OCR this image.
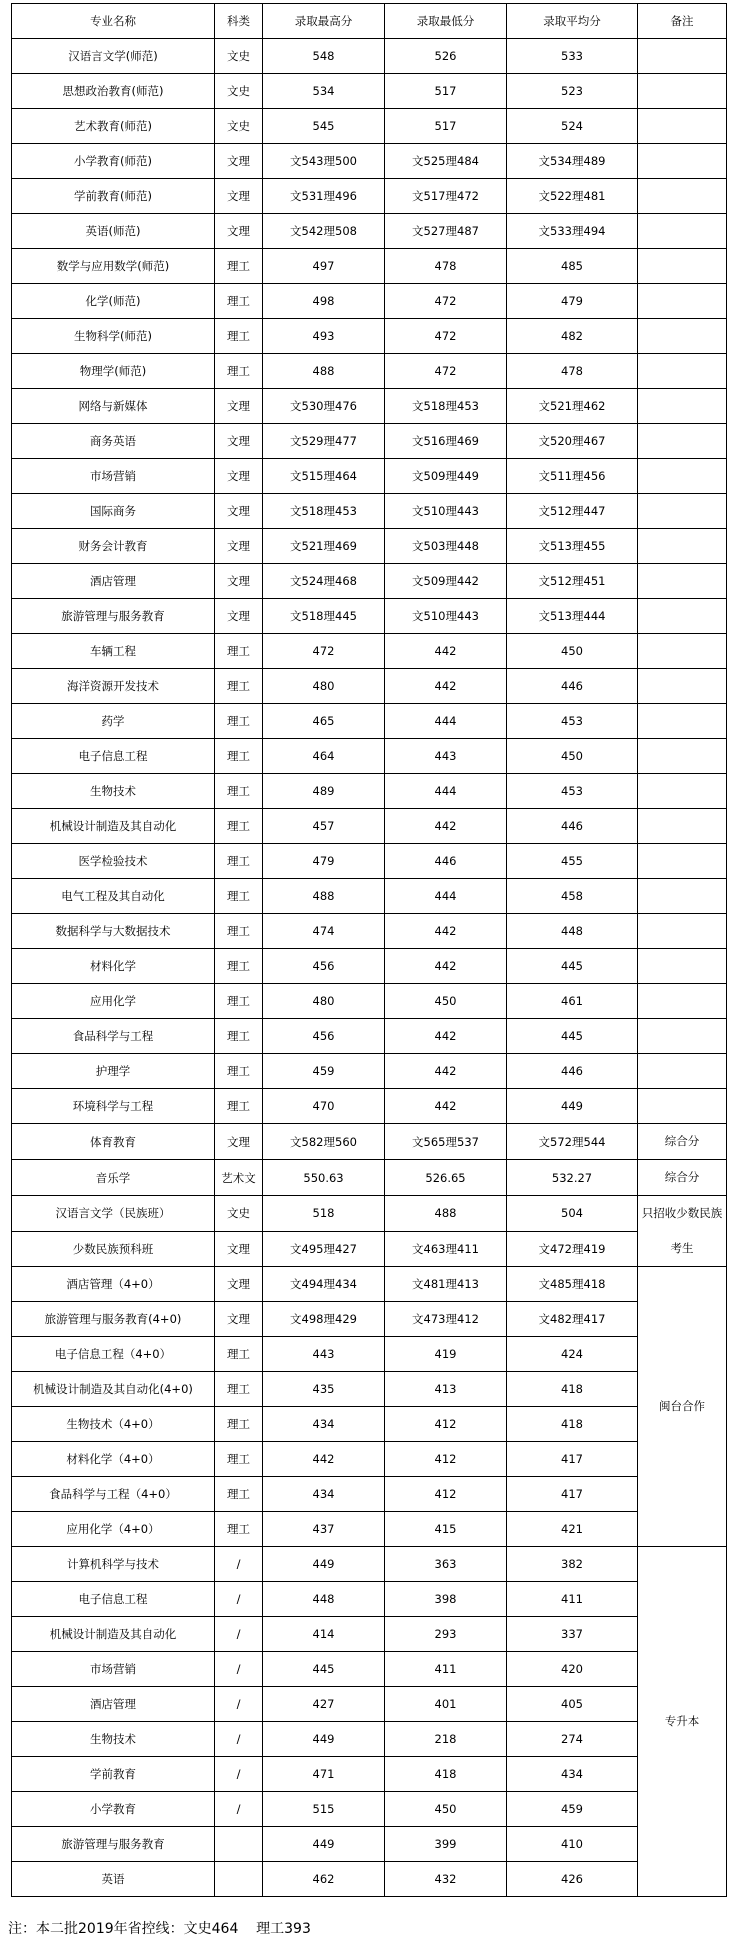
专业名称	科类	录取最高分	录取最低分	录取平均分	备注
汉语言文学(师范)	文史	548	526	533	
思想政治教育(师范)	文史	534	517	523	
艺术教育(师范)	文史	545	517	524	
小学教育(师范)	文理	文543理500	文525理484	文534理489	
学前教育(师范)	文理	文531理496	文517理472	文522理481	
英语(师范)	文理	文542理508	文527理487	文533理494	
数学与应用数学(师范)	理工	497	478	485	
化学(师范)	理工	498	472	479	
生物科学(师范)	理工	493	472	482	
物理学(师范)	理工	488	472	478	
网络与新媒体	文理	文530理476	文518理453	文521理462	
商务英语	文理	文529理477	文516理469	文520理467	
市场营销	文理	文515理464	文509理449	文511理456	
国际商务	文理	文518理453	文510理443	文512理447	
财务会计教育	文理	文521理469	文503理448	文513理455	
酒店管理	文理	文524理468	文509理442	文512理451	
旅游管理与服务教育	文理	文518理445	文510理443	文513理444	
车辆工程	理工	472	442	450	
海洋资源开发技术	理工	480	442	446	
药学	理工	465	444	453	
电子信息工程	理工	464	443	450	
生物技术	理工	489	444	453	
机械设计制造及其自动化	理工	457	442	446	
医学检验技术	理工	479	446	455	
电气工程及其自动化	理工	488	444	458	
数据科学与大数据技术	理工	474	442	448	
材料化学	理工	456	442	445	
应用化学	理工	480	450	461	
食品科学与工程	理工	456	442	445	
护理学	理工	459	442	446	
环境科学与工程	理工	470	442	449	
体育教育	文理	文582理560	文565理537	文572理544	综合分
音乐学	艺术文	550.63	526.65	532.27	综合分
汉语言文学（民族班）	文史	518	488	504	只招收少数民族考生
少数民族预科班	文理	文495理427	文463理411	文472理419	
酒店管理（4+0）	文理	文494理434	文481理413	文485理418	闽台合作
旅游管理与服务教育(4+0)	文理	文498理429	文473理412	文482理417	
电子信息工程（4+0）	理工	443	419	424	
机械设计制造及其自动化(4+0)	理工	435	413	418	
生物技术（4+0）	理工	434	412	418	
材料化学（4+0）	理工	442	412	417	
食品科学与工程（4+0）	理工	434	412	417	
应用化学（4+0）	理工	437	415	421	
计算机科学与技术	/	449	363	382	专升本
电子信息工程	/	448	398	411	
机械设计制造及其自动化	/	414	293	337	
市场营销	/	445	411	420	
酒店管理	/	427	401	405	
生物技术	/	449	218	274	
学前教育	/	471	418	434	
小学教育	/	515	450	459	
旅游管理与服务教育		449	399	410	
英语		462	432	426	
注：本二批2019年省控线：文史464    理工393
